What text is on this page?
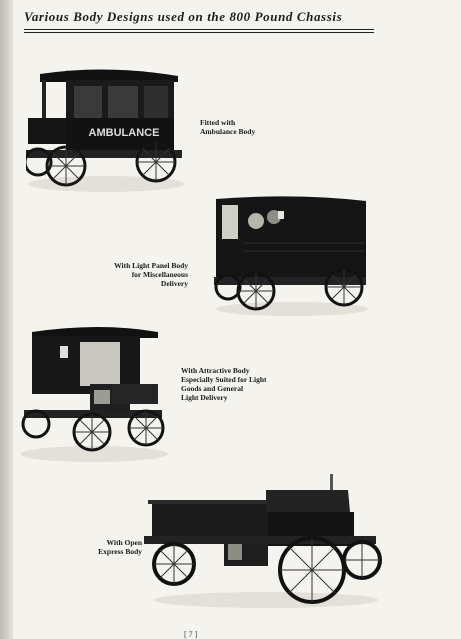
Various Body Designs used on the 800 Pound Chassis
AMBULANCE
Fitted with
Ambulance Body
With Light Panel Body
for Miscellaneous
Delivery
With Attractive Body
Especially Suited for Light
Goods and General
Light Delivery
With Open
Express Body
[ 7 ]
